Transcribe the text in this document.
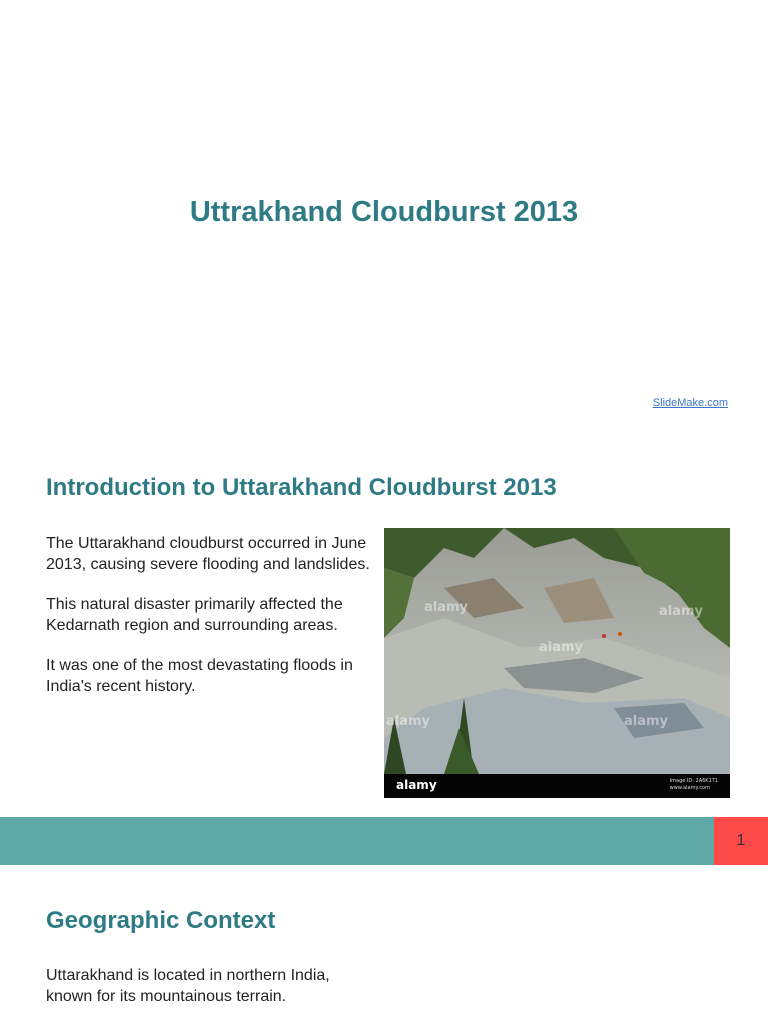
Uttrakhand Cloudburst 2013
SlideMake.com
Introduction to Uttarakhand Cloudburst 2013

The Uttarakhand cloudburst occurred in June 2013, causing severe flooding and landslides.

This natural disaster primarily affected the Kedarnath region and surrounding areas.

It was one of the most devastating floods in India's recent history.

alamy	alamy
alamy
alamy	alamy
alamy	Image ID: 2A6K1T1
www.alamy.com
1
Geographic Context

Uttarakhand is located in northern India, known for its mountainous terrain.
